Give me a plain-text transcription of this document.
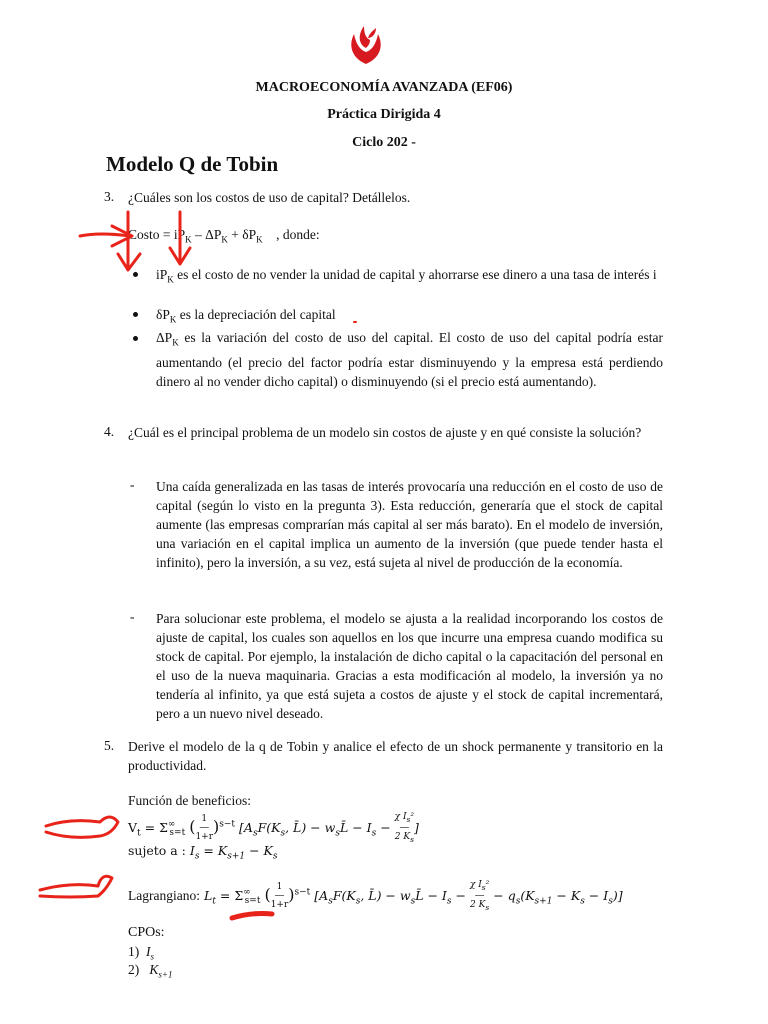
MACROECONOMÍA AVANZADA (EF06)
Práctica Dirigida 4
Ciclo 202 -
Modelo Q de Tobin
3. ¿Cuáles son los costos de uso de capital? Detállelos.
Costo = $iP_K - \Delta P_K + \delta P_K$ , donde:
$iP_K$ es el costo de no vender la unidad de capital y ahorrarse ese dinero a una tasa de interés i
$\delta P_K$ es la depreciación del capital
$\Delta P_K$ es la variación del costo de uso del capital. El costo de uso del capital podría estar aumentando (el precio del factor podría estar disminuyendo y la empresa está perdiendo dinero al no vender dicho capital) o disminuyendo (si el precio está aumentando).
4. ¿Cuál es el principal problema de un modelo sin costos de ajuste y en qué consiste la solución?
- Una caída generalizada en las tasas de interés provocaría una reducción en el costo de uso de capital (según lo visto en la pregunta 3). Esta reducción, generaría que el stock de capital aumente (las empresas comprarían más capital al ser más barato). En el modelo de inversión, una variación en el capital implica un aumento de la inversión (que puede tender hasta el infinito), pero la inversión, a su vez, está sujeta al nivel de producción de la economía.
- Para solucionar este problema, el modelo se ajusta a la realidad incorporando los costos de ajuste de capital, los cuales son aquellos en los que incurre una empresa cuando modifica su stock de capital. Por ejemplo, la instalación de dicho capital o la capacitación del personal en el uso de la nueva maquinaria. Gracias a esta modificación al modelo, la inversión ya no tendería al infinito, ya que está sujeta a costos de ajuste y el stock de capital incrementará, pero a un nuevo nivel deseado.
5. Derive el modelo de la q de Tobin y analice el efecto de un shock permanente y transitorio en la productividad.
Función de beneficios:
$V_t = \Sigma^\infty_{s=t}$ ( 1
―
1+r)$^{s-t}$ [$A_sF(K_s$, L̄) − $w_sL̄ - I_s - \chi$ $I_s^2$
―
2 $K_s$]
sujeto a : $I_s = K_{s+1} - K_s$
Lagrangiano: $L_t = \Sigma^\infty_{s=t}$ ( 1
―
1+r)$^{s-t}$ [$A_sF(K_s$, L̄) − $w_sL̄ - I_s - \chi$ $I_s^2$
―
2 $K_s - q_s(K_{s+1} - K_s - I_s)$]
CPOs:
1)  $I_s$
2)   $K_{s+1}$
